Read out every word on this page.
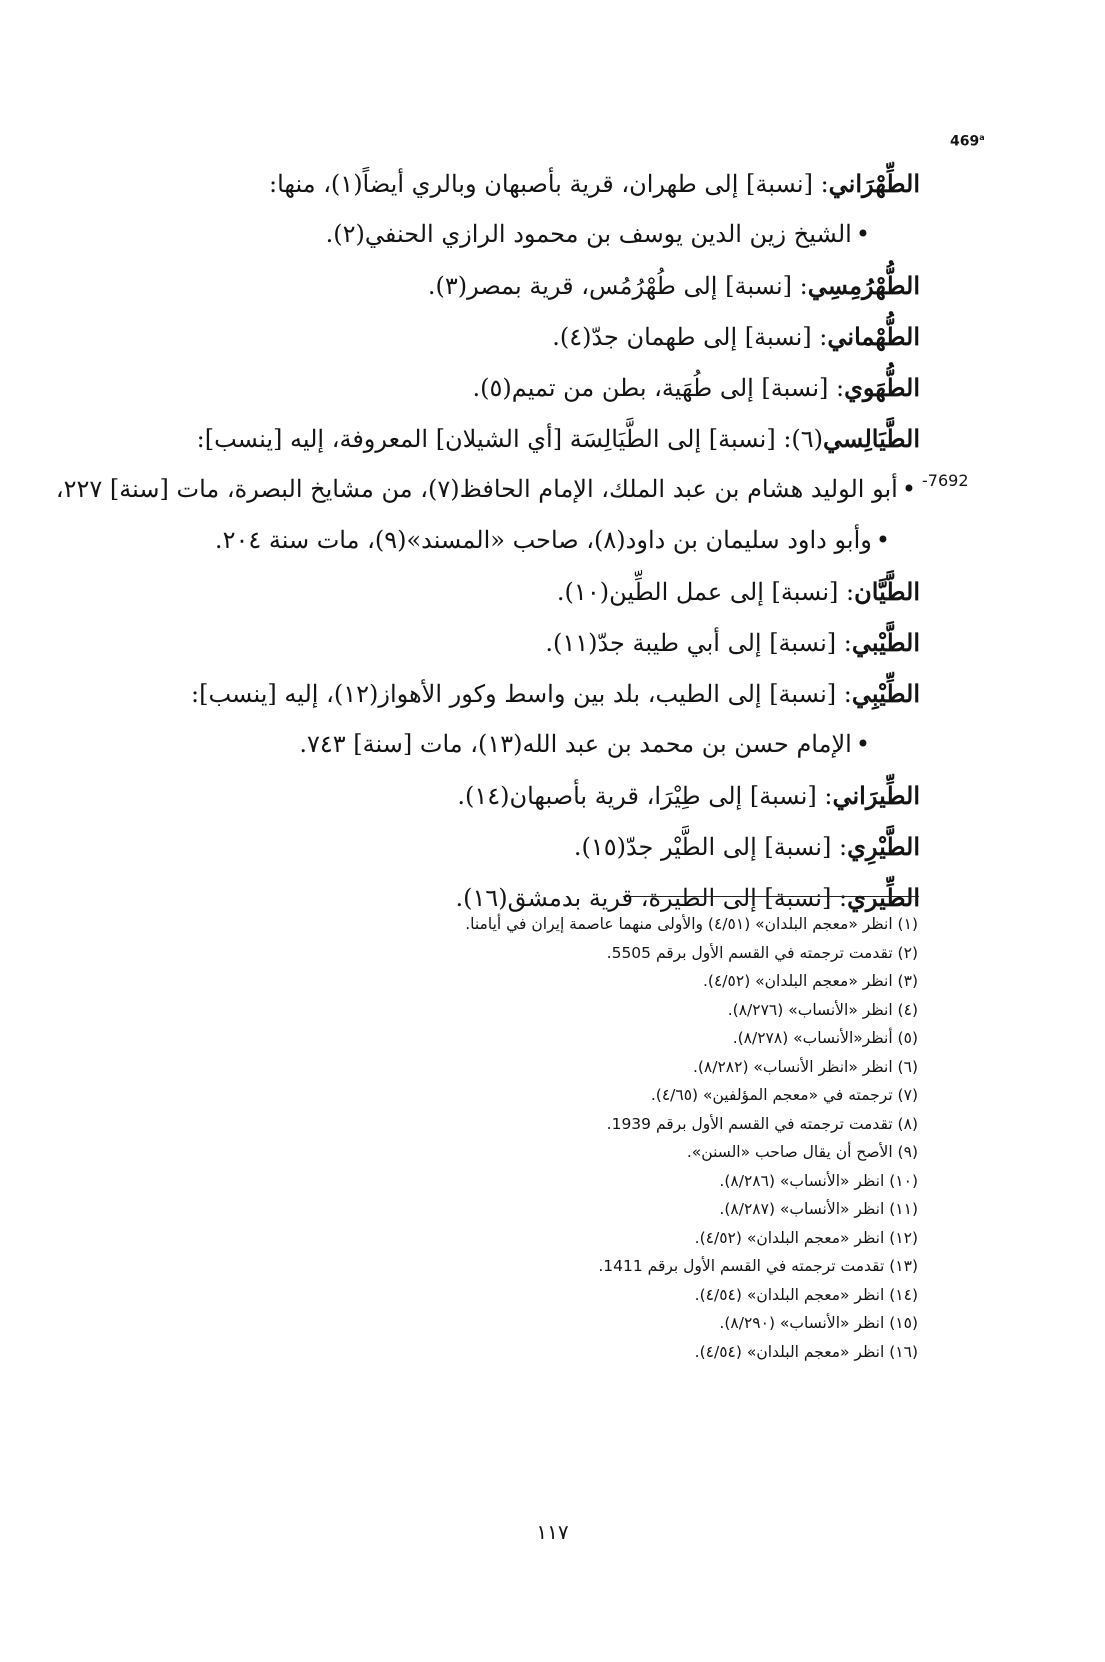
469$^a$
-7692
الطِّهْرَاني: [نسبة] إلى طهران، قرية بأصبهان وبالري أيضاً(١)، منها:
•الشيخ زين الدين يوسف بن محمود الرازي الحنفي(٢).
الطُّهْرُمِسِي: [نسبة] إلى طُهْرُمُس، قرية بمصر(٣).
الطُّهْماني: [نسبة] إلى طهمان جدّ(٤).
الطُّهَوي: [نسبة] إلى طُهَية، بطن من تميم(٥).
الطَّيَالِسي(٦): [نسبة] إلى الطَّيَالِسَة [أي الشيلان] المعروفة، إليه [ينسب]:
•أبو الوليد هشام بن عبد الملك، الإمام الحافظ(٧)، من مشايخ البصرة، مات [سنة] ٢٢٧،
•وأبو داود سليمان بن داود(٨)، صاحب «المسند»(٩)، مات سنة ٢٠٤.
الطَّيَّان: [نسبة] إلى عمل الطِّين(١٠).
الطَّيْبي: [نسبة] إلى أبي طيبة جدّ(١١).
الطِّيْبِي: [نسبة] إلى الطيب، بلد بين واسط وكور الأهواز(١٢)، إليه [ينسب]:
•الإمام حسن بن محمد بن عبد الله(١٣)، مات [سنة] ٧٤٣.
الطِّيرَاني: [نسبة] إلى طِيْرَا، قرية بأصبهان(١٤).
الطَّيْرِي: [نسبة] إلى الطَّيْر جدّ(١٥).
الطِّيري: [نسبة] إلى الطيرة، قرية بدمشق(١٦).
(١) انظر «معجم البلدان» (٤/٥١) والأولى منهما عاصمة إيران في أيامنا.
(٢) تقدمت ترجمته في القسم الأول برقم 5505.
(٣) انظر «معجم البلدان» (٤/٥٢).
(٤) انظر «الأنساب» (٨/٢٧٦).
(٥) أنظر«الأنساب» (٨/٢٧٨).
(٦) انظر «انظر الأنساب» (٨/٢٨٢).
(٧) ترجمته في «معجم المؤلفين» (٤/٦٥).
(٨) تقدمت ترجمته في القسم الأول برقم 1939.
(٩) الأصح أن يقال صاحب «السنن».
(١٠) انظر «الأنساب» (٨/٢٨٦).
(١١) انظر «الأنساب» (٨/٢٨٧).
(١٢) انظر «معجم البلدان» (٤/٥٢).
(١٣) تقدمت ترجمته في القسم الأول برقم 1411.
(١٤) انظر «معجم البلدان» (٤/٥٤).
(١٥) انظر «الأنساب» (٨/٢٩٠).
(١٦) انظر «معجم البلدان» (٤/٥٤).
١١٧
